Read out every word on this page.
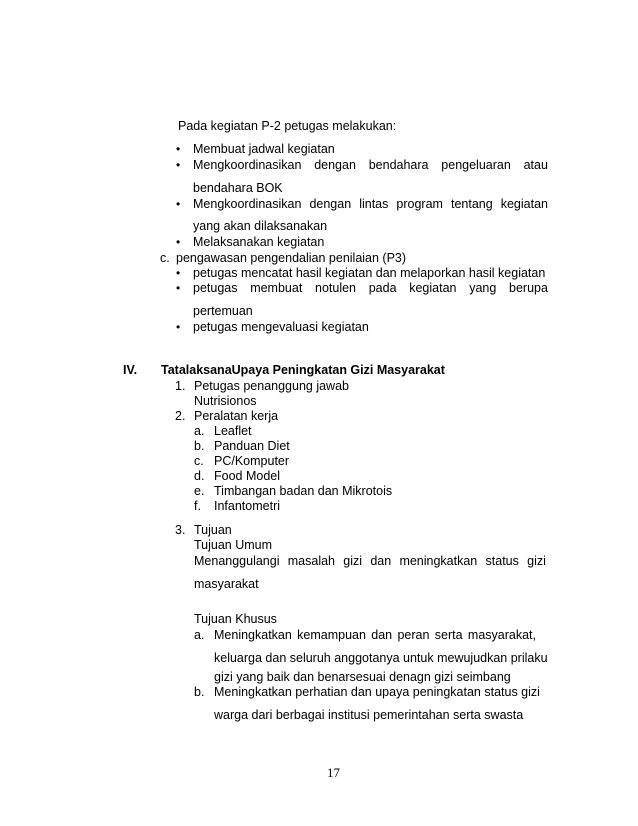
Pada kegiatan P-2 petugas melakukan:
• Membuat jadwal kegiatan
• Mengkoordinasikan dengan bendahara pengeluaran atau
bendahara BOK
• Mengkoordinasikan dengan lintas program tentang kegiatan
yang akan dilaksanakan
• Melaksanakan kegiatan
c. pengawasan pengendalian penilaian (P3)
• petugas mencatat hasil kegiatan dan melaporkan hasil kegiatan
• petugas membuat notulen pada kegiatan yang berupa
pertemuan
• petugas mengevaluasi kegiatan
IV. TatalaksanaUpaya Peningkatan Gizi Masyarakat
1. Petugas penanggung jawab
Nutrisionos
2. Peralatan kerja
a. Leaflet
b. Panduan Diet
c. PC/Komputer
d. Food Model
e. Timbangan badan dan Mikrotois
f. Infantometri
3. Tujuan
Tujuan Umum
Menanggulangi masalah gizi dan meningkatkan status gizi
masyarakat
Tujuan Khusus
a. Meningkatkan kemampuan dan peran serta masyarakat,
keluarga dan seluruh anggotanya untuk mewujudkan prilaku
gizi yang baik dan benarsesuai denagn gizi seimbang
b. Meningkatkan perhatian dan upaya peningkatan status gizi
warga dari berbagai institusi pemerintahan serta swasta
17
